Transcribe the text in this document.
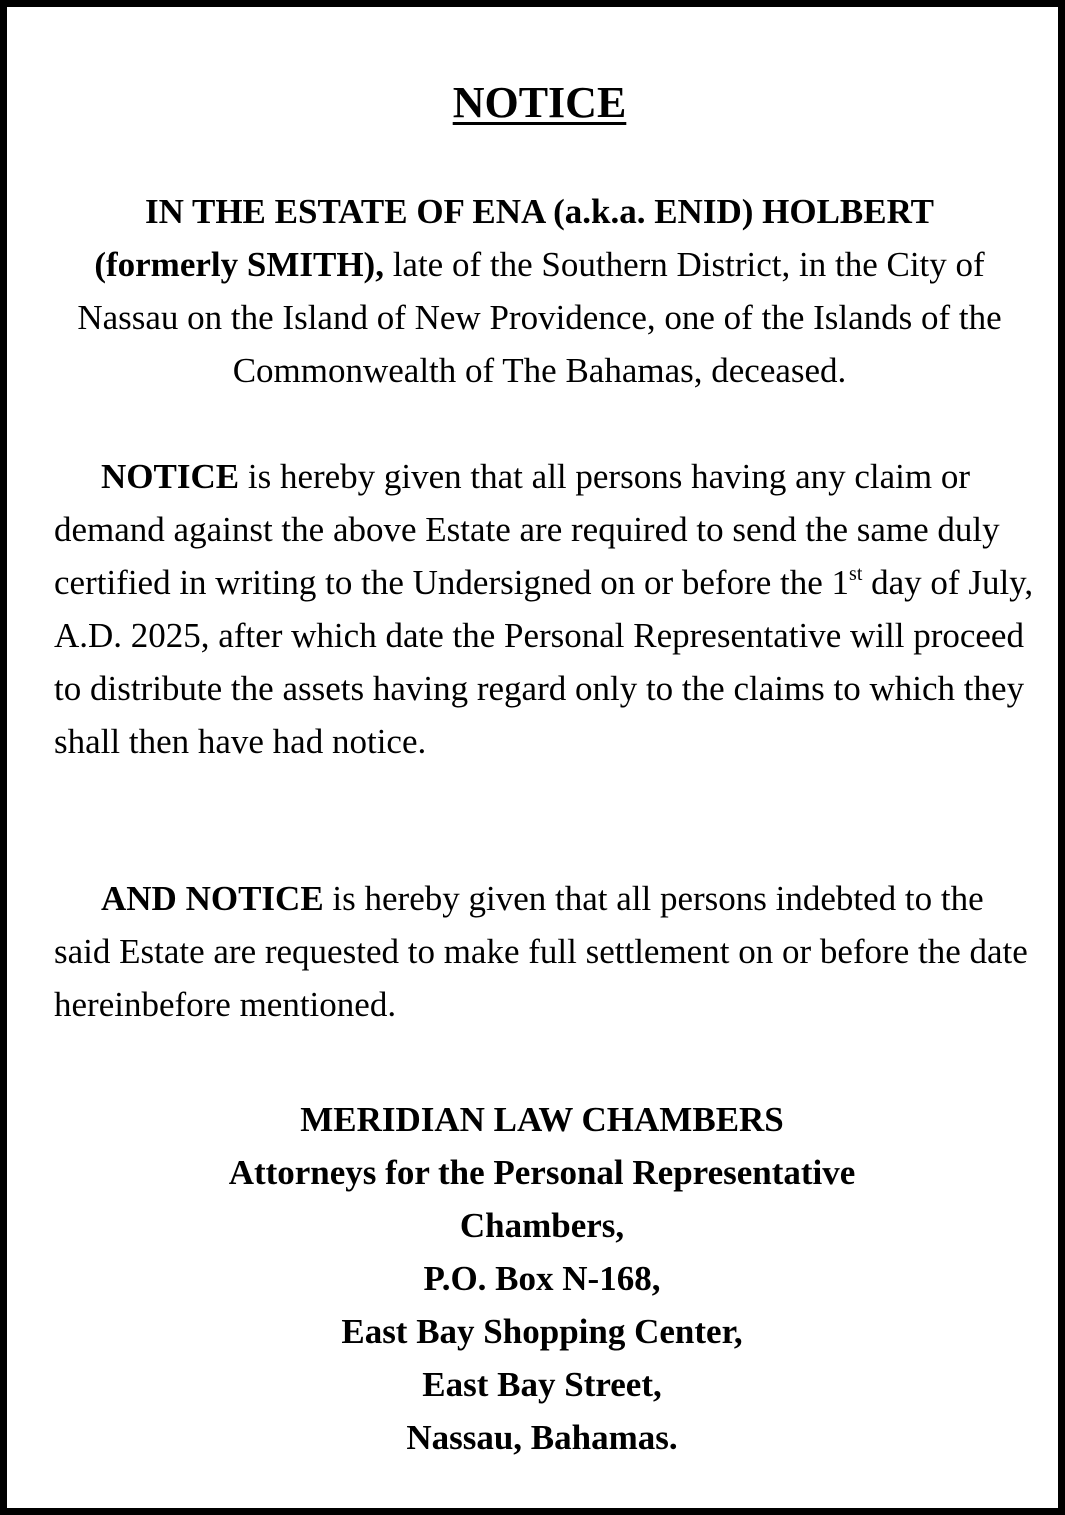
NOTICE
IN THE ESTATE OF ENA (a.k.a. ENID) HOLBERT
(formerly SMITH), late of the Southern District, in the City of Nassau on the Island of New Providence, one of the Islands of the Commonwealth of The Bahamas, deceased.
NOTICE is hereby given that all persons having any claim or demand against the above Estate are required to send the same duly certified in writing to the Undersigned on or before the 1st day of July, A.D. 2025, after which date the Personal Representative will proceed to distribute the assets having regard only to the claims to which they shall then have had notice.
AND NOTICE is hereby given that all persons indebted to the said Estate are requested to make full settlement on or before the date hereinbefore mentioned.
MERIDIAN LAW CHAMBERS
Attorneys for the Personal Representative
Chambers,
P.O. Box N-168,
East Bay Shopping Center,
East Bay Street,
Nassau, Bahamas.
